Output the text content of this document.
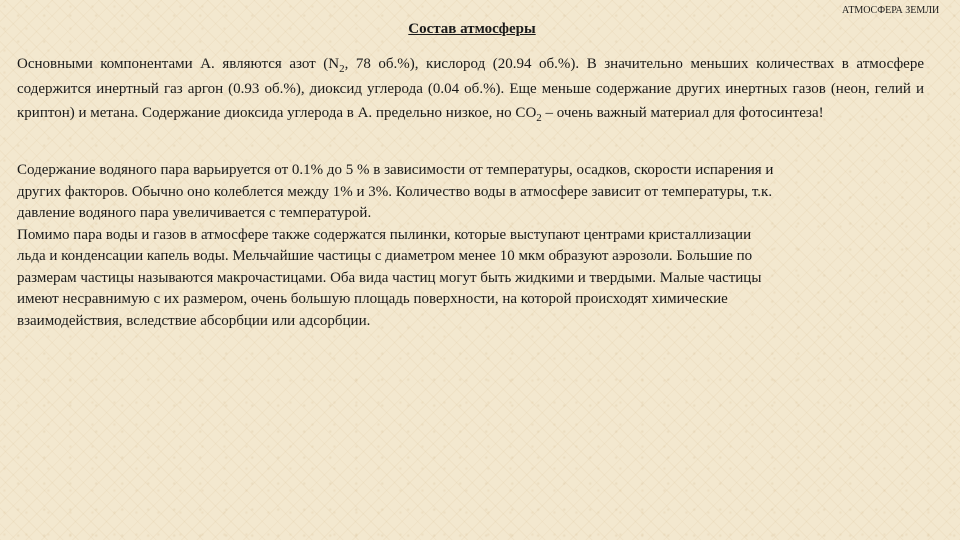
АТМОСФЕРА ЗЕМЛИ
Состав атмосферы

Основными компонентами А. являются азот ($N_2$, 78 об.%), кислород (20.94 об.%). В значительно меньших количествах в атмосфере содержится инертный газ аргон (0.93 об.%), диоксид углерода (0.04 об.%). Еще меньше содержание других инертных газов (неон, гелий и криптон) и метана. Содержание диоксида углерода в А. предельно низкое, но $CO_2$ – очень важный материал для фотосинтеза!

Содержание водяного пара варьируется от 0.1% до 5 % в зависимости от температуры, осадков, скорости испарения и
других факторов. Обычно оно колеблется между 1% и 3%. Количество воды в атмосфере зависит от температуры, т.к.
давление водяного пара увеличивается с температурой.
Помимо пара воды и газов в атмосфере также содержатся пылинки, которые выступают центрами кристаллизации
льда и конденсации капель воды. Мельчайшие частицы с диаметром менее 10 мкм образуют аэрозоли. Большие по
размерам частицы называются макрочастицами. Оба вида частиц могут быть жидкими и твердыми. Малые частицы
имеют несравнимую с их размером, очень большую площадь поверхности, на которой происходят химические
взаимодействия, вследствие абсорбции или адсорбции.
